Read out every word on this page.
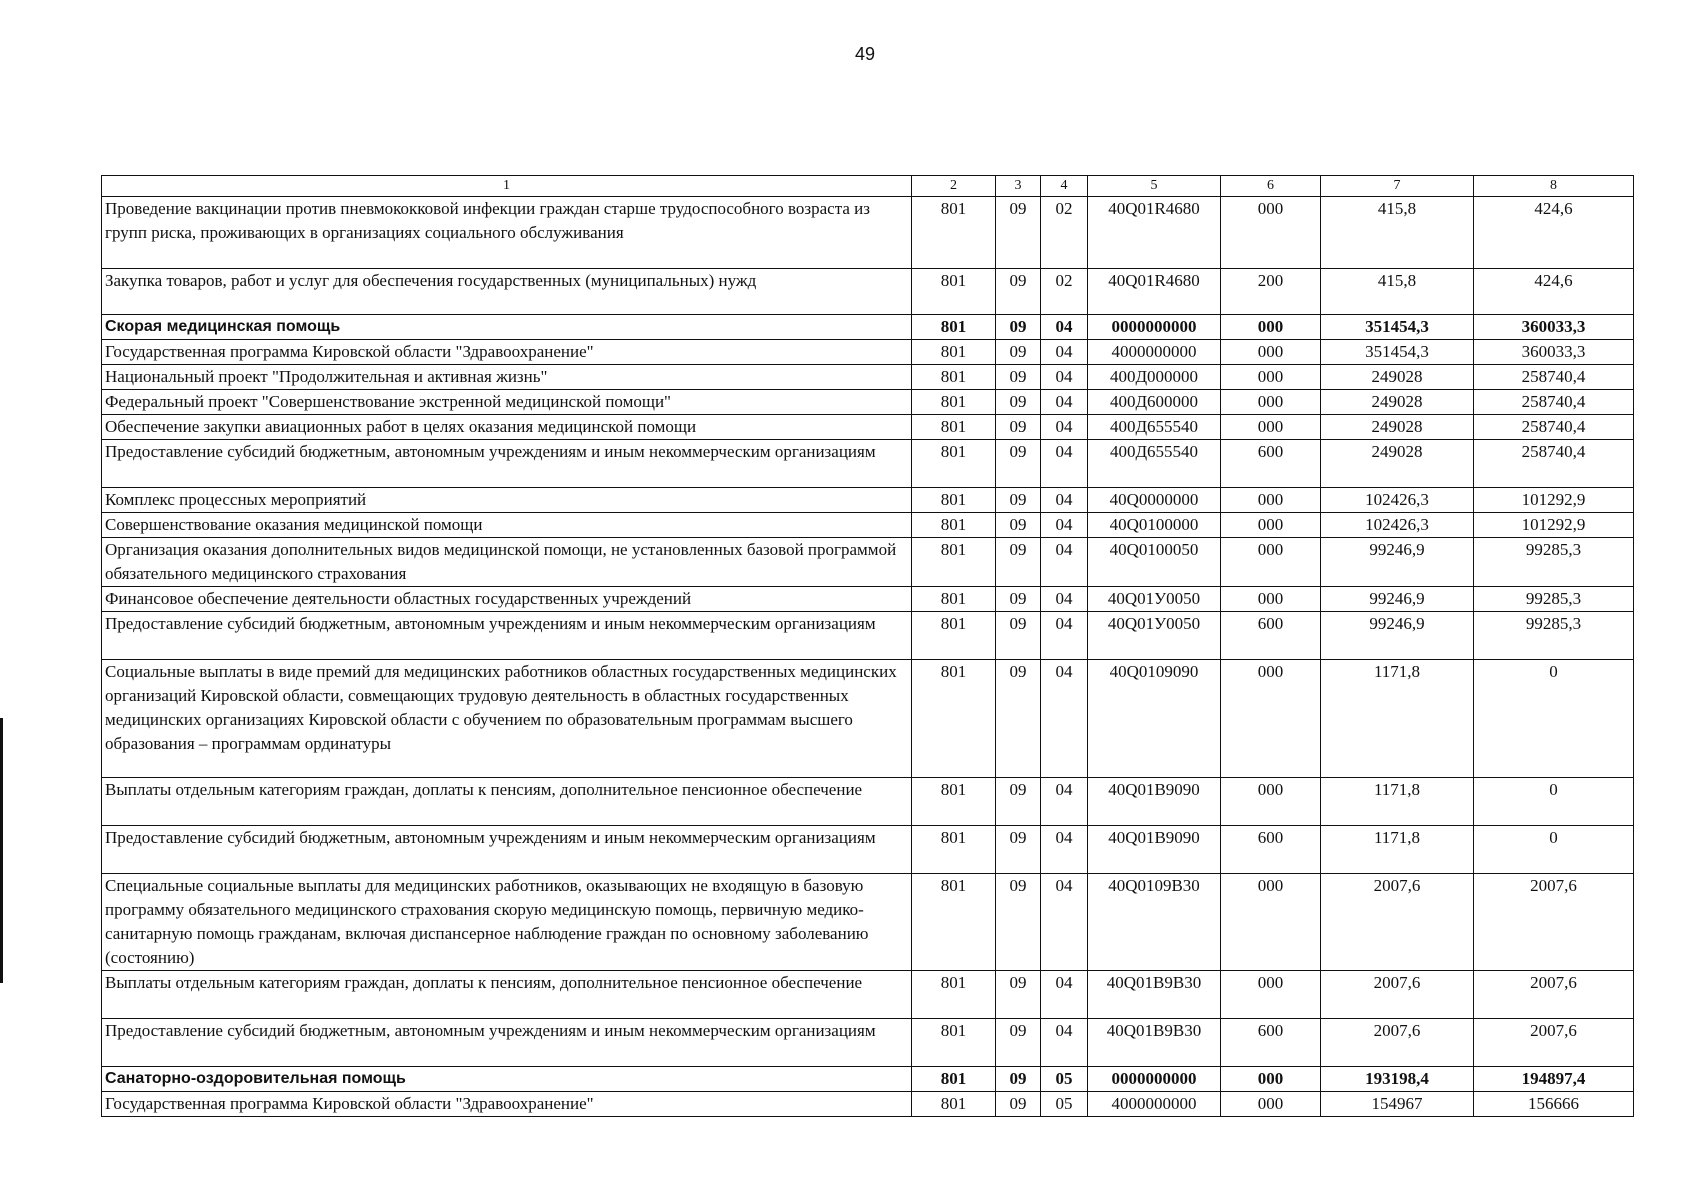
49
1	2	3	4	5	6	7	8
Проведение вакцинации против пневмококковой инфекции граждан старше трудоспособного возраста из групп риска, проживающих в организациях социального обслуживания	801	09	02	40Q01R4680	000	415,8	424,6
Закупка товаров, работ и услуг для обеспечения государственных (муниципальных) нужд	801	09	02	40Q01R4680	200	415,8	424,6
Скорая медицинская помощь	801	09	04	0000000000	000	351454,3	360033,3
Государственная программа Кировской области "Здравоохранение"	801	09	04	4000000000	000	351454,3	360033,3
Национальный проект "Продолжительная и активная жизнь"	801	09	04	400Д000000	000	249028	258740,4
Федеральный проект "Совершенствование экстренной медицинской помощи"	801	09	04	400Д600000	000	249028	258740,4
Обеспечение закупки авиационных работ в целях оказания медицинской помощи	801	09	04	400Д655540	000	249028	258740,4
Предоставление субсидий бюджетным, автономным учреждениям и иным некоммерческим организациям	801	09	04	400Д655540	600	249028	258740,4
Комплекс процессных мероприятий	801	09	04	40Q0000000	000	102426,3	101292,9
Совершенствование оказания медицинской помощи	801	09	04	40Q0100000	000	102426,3	101292,9
Организация оказания дополнительных видов медицинской помощи, не установленных базовой программой обязательного медицинского страхования	801	09	04	40Q0100050	000	99246,9	99285,3
Финансовое обеспечение деятельности областных государственных учреждений	801	09	04	40Q01У0050	000	99246,9	99285,3
Предоставление субсидий бюджетным, автономным учреждениям и иным некоммерческим организациям	801	09	04	40Q01У0050	600	99246,9	99285,3
Социальные выплаты в виде премий для медицинских работников областных государственных медицинских организаций Кировской области, совмещающих трудовую деятельность в областных государственных медицинских организациях Кировской области с обучением по образовательным программам высшего образования – программам ординатуры	801	09	04	40Q0109090	000	1171,8	0
Выплаты отдельным категориям граждан, доплаты к пенсиям, дополнительное пенсионное обеспечение	801	09	04	40Q01B9090	000	1171,8	0
Предоставление субсидий бюджетным, автономным учреждениям и иным некоммерческим организациям	801	09	04	40Q01B9090	600	1171,8	0
Специальные социальные выплаты для медицинских работников, оказывающих не входящую в базовую программу обязательного медицинского страхования скорую медицинскую помощь, первичную медико-санитарную помощь гражданам, включая диспансерное наблюдение граждан по основному заболеванию (состоянию)	801	09	04	40Q0109B30	000	2007,6	2007,6
Выплаты отдельным категориям граждан, доплаты к пенсиям, дополнительное пенсионное обеспечение	801	09	04	40Q01B9B30	000	2007,6	2007,6
Предоставление субсидий бюджетным, автономным учреждениям и иным некоммерческим организациям	801	09	04	40Q01B9B30	600	2007,6	2007,6
Санаторно-оздоровительная помощь	801	09	05	0000000000	000	193198,4	194897,4
Государственная программа Кировской области "Здравоохранение"	801	09	05	4000000000	000	154967	156666
